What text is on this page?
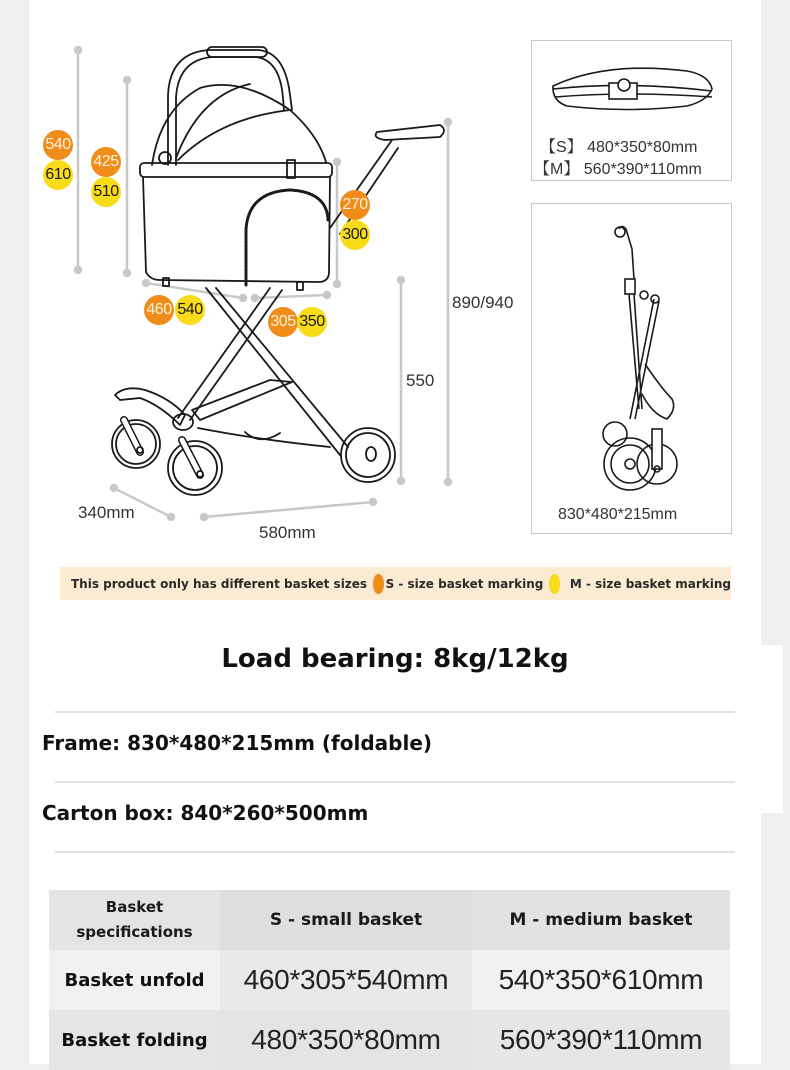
540
610
425
510
270
300
460 540
305 350
890/940
550
340mm
580mm
【S】 480*350*80mm
【M】 560*390*110mm
830*480*215mm
This product only has different basket sizes S - size basket marking M - size basket marking
Load bearing: 8kg/12kg
Frame: 830*480*215mm (foldable)
Carton box: 840*260*500mm
Basket
specifications
S - small basket	M - medium basket
Basket unfold	460*305*540mm	540*350*610mm
Basket folding	480*350*80mm	560*390*110mm
